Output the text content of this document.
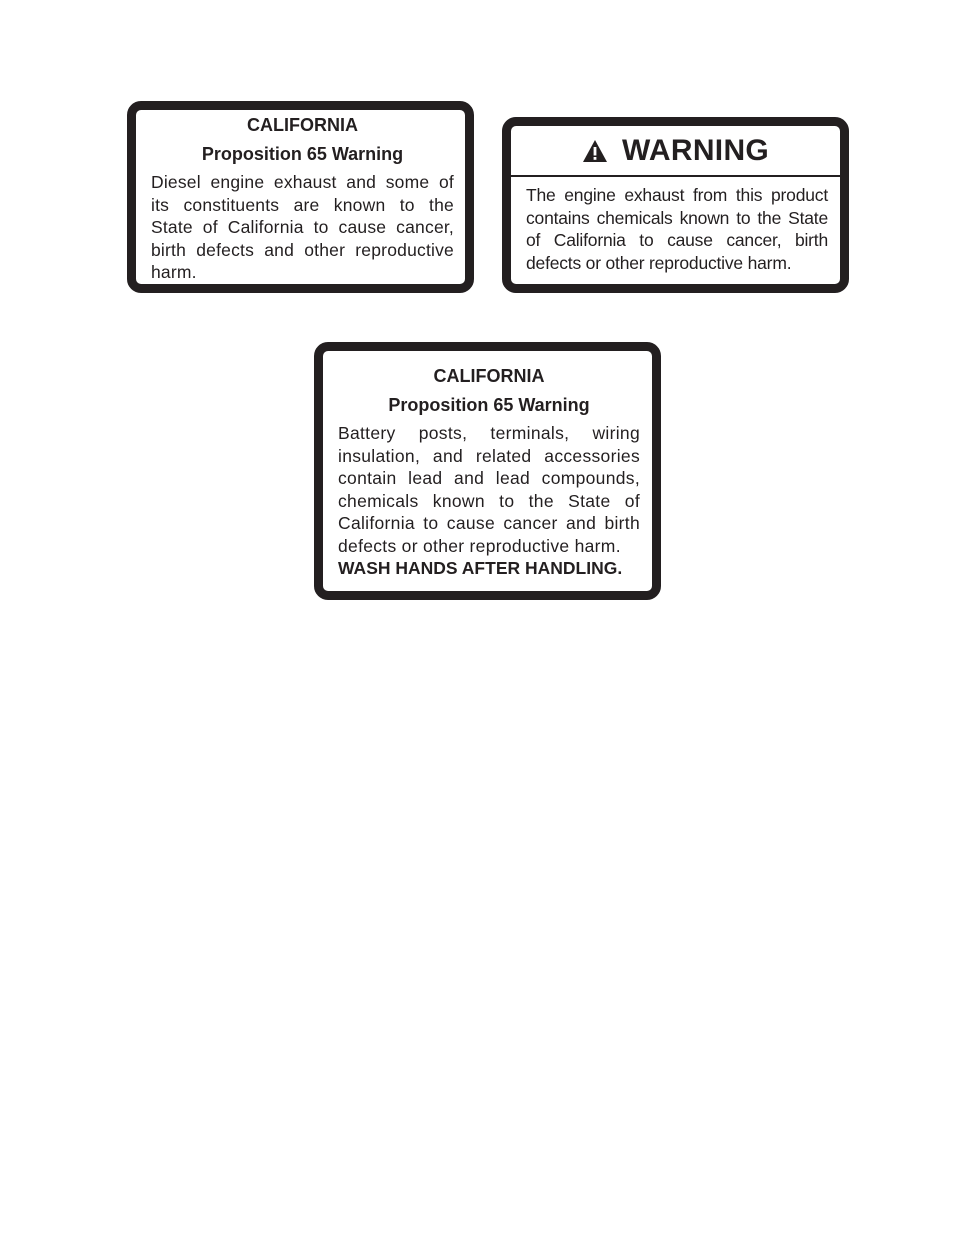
CALIFORNIA

Proposition 65 Warning

Diesel engine exhaust and some of its constituents are known to the State of California to cause cancer, birth defects and other reproductive harm.

WARNING

The engine exhaust from this product contains chemicals known to the State of California to cause cancer, birth defects or other reproductive harm.

CALIFORNIA

Proposition 65 Warning

Battery posts, terminals, wiring insulation, and related accessories contain lead and lead compounds, chemicals known to the State of California to cause cancer and birth defects or other reproductive harm.
WASH HANDS AFTER HANDLING.
